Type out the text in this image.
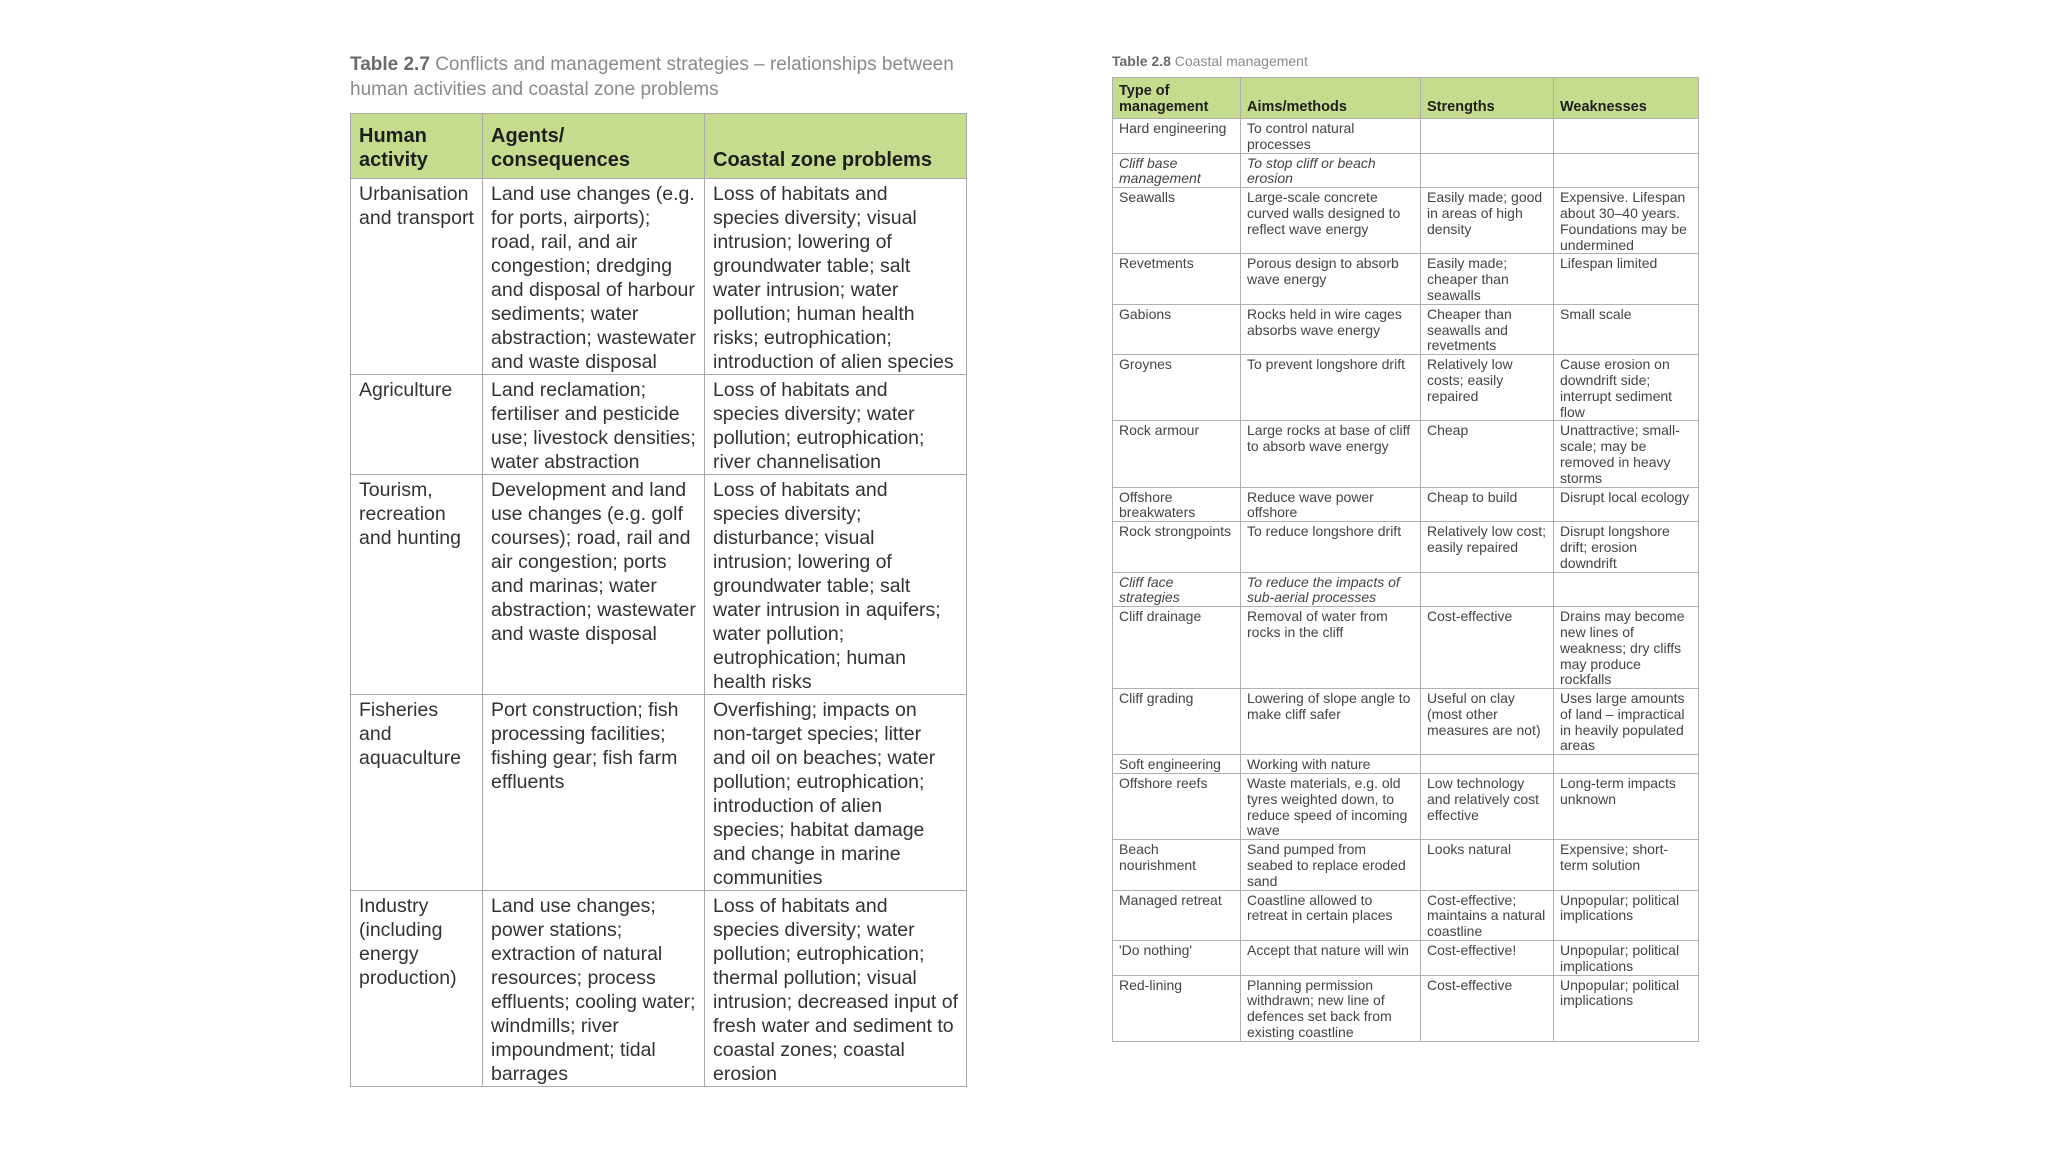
Table 2.7 Conflicts and management strategies – relationships between human activities and coastal zone problems
Human activity	Agents/ consequences	Coastal zone problems
Urbanisation and transport	Land use changes (e.g. for ports, airports); road, rail, and air congestion; dredging and disposal of harbour sediments; water abstraction; wastewater and waste disposal	Loss of habitats and species diversity; visual intrusion; lowering of groundwater table; salt water intrusion; water pollution; human health risks; eutrophication; introduction of alien species
Agriculture	Land reclamation; fertiliser and pesticide use; livestock densities; water abstraction	Loss of habitats and species diversity; water pollution; eutrophication; river channelisation
Tourism, recreation and hunting	Development and land use changes (e.g. golf courses); road, rail and air congestion; ports and marinas; water abstraction; wastewater and waste disposal	Loss of habitats and species diversity; disturbance; visual intrusion; lowering of groundwater table; salt water intrusion in aquifers; water pollution; eutrophication; human health risks
Fisheries and aquaculture	Port construction; fish processing facilities; fishing gear; fish farm effluents	Overfishing; impacts on non-target species; litter and oil on beaches; water pollution; eutrophication; introduction of alien species; habitat damage and change in marine communities
Industry (including energy production)	Land use changes; power stations; extraction of natural resources; process effluents; cooling water; windmills; river impoundment; tidal barrages	Loss of habitats and species diversity; water pollution; eutrophication; thermal pollution; visual intrusion; decreased input of fresh water and sediment to coastal zones; coastal erosion
Table 2.8 Coastal management
Type of management	Aims/methods	Strengths	Weaknesses
Hard engineering	To control natural processes		
Cliff base management	To stop cliff or beach erosion		
Seawalls	Large-scale concrete curved walls designed to reflect wave energy	Easily made; good in areas of high density	Expensive. Lifespan about 30–40 years. Foundations may be undermined
Revetments	Porous design to absorb wave energy	Easily made; cheaper than seawalls	Lifespan limited
Gabions	Rocks held in wire cages absorbs wave energy	Cheaper than seawalls and revetments	Small scale
Groynes	To prevent longshore drift	Relatively low costs; easily repaired	Cause erosion on downdrift side; interrupt sediment flow
Rock armour	Large rocks at base of cliff to absorb wave energy	Cheap	Unattractive; small-scale; may be removed in heavy storms
Offshore breakwaters	Reduce wave power offshore	Cheap to build	Disrupt local ecology
Rock strongpoints	To reduce longshore drift	Relatively low cost; easily repaired	Disrupt longshore drift; erosion downdrift
Cliff face strategies	To reduce the impacts of sub-aerial processes		
Cliff drainage	Removal of water from rocks in the cliff	Cost-effective	Drains may become new lines of weakness; dry cliffs may produce rockfalls
Cliff grading	Lowering of slope angle to make cliff safer	Useful on clay (most other measures are not)	Uses large amounts of land – impractical in heavily populated areas
Soft engineering	Working with nature		
Offshore reefs	Waste materials, e.g. old tyres weighted down, to reduce speed of incoming wave	Low technology and relatively cost effective	Long-term impacts unknown
Beach nourishment	Sand pumped from seabed to replace eroded sand	Looks natural	Expensive; short-term solution
Managed retreat	Coastline allowed to retreat in certain places	Cost-effective; maintains a natural coastline	Unpopular; political implications
'Do nothing'	Accept that nature will win	Cost-effective!	Unpopular; political implications
Red-lining	Planning permission withdrawn; new line of defences set back from existing coastline	Cost-effective	Unpopular; political implications
